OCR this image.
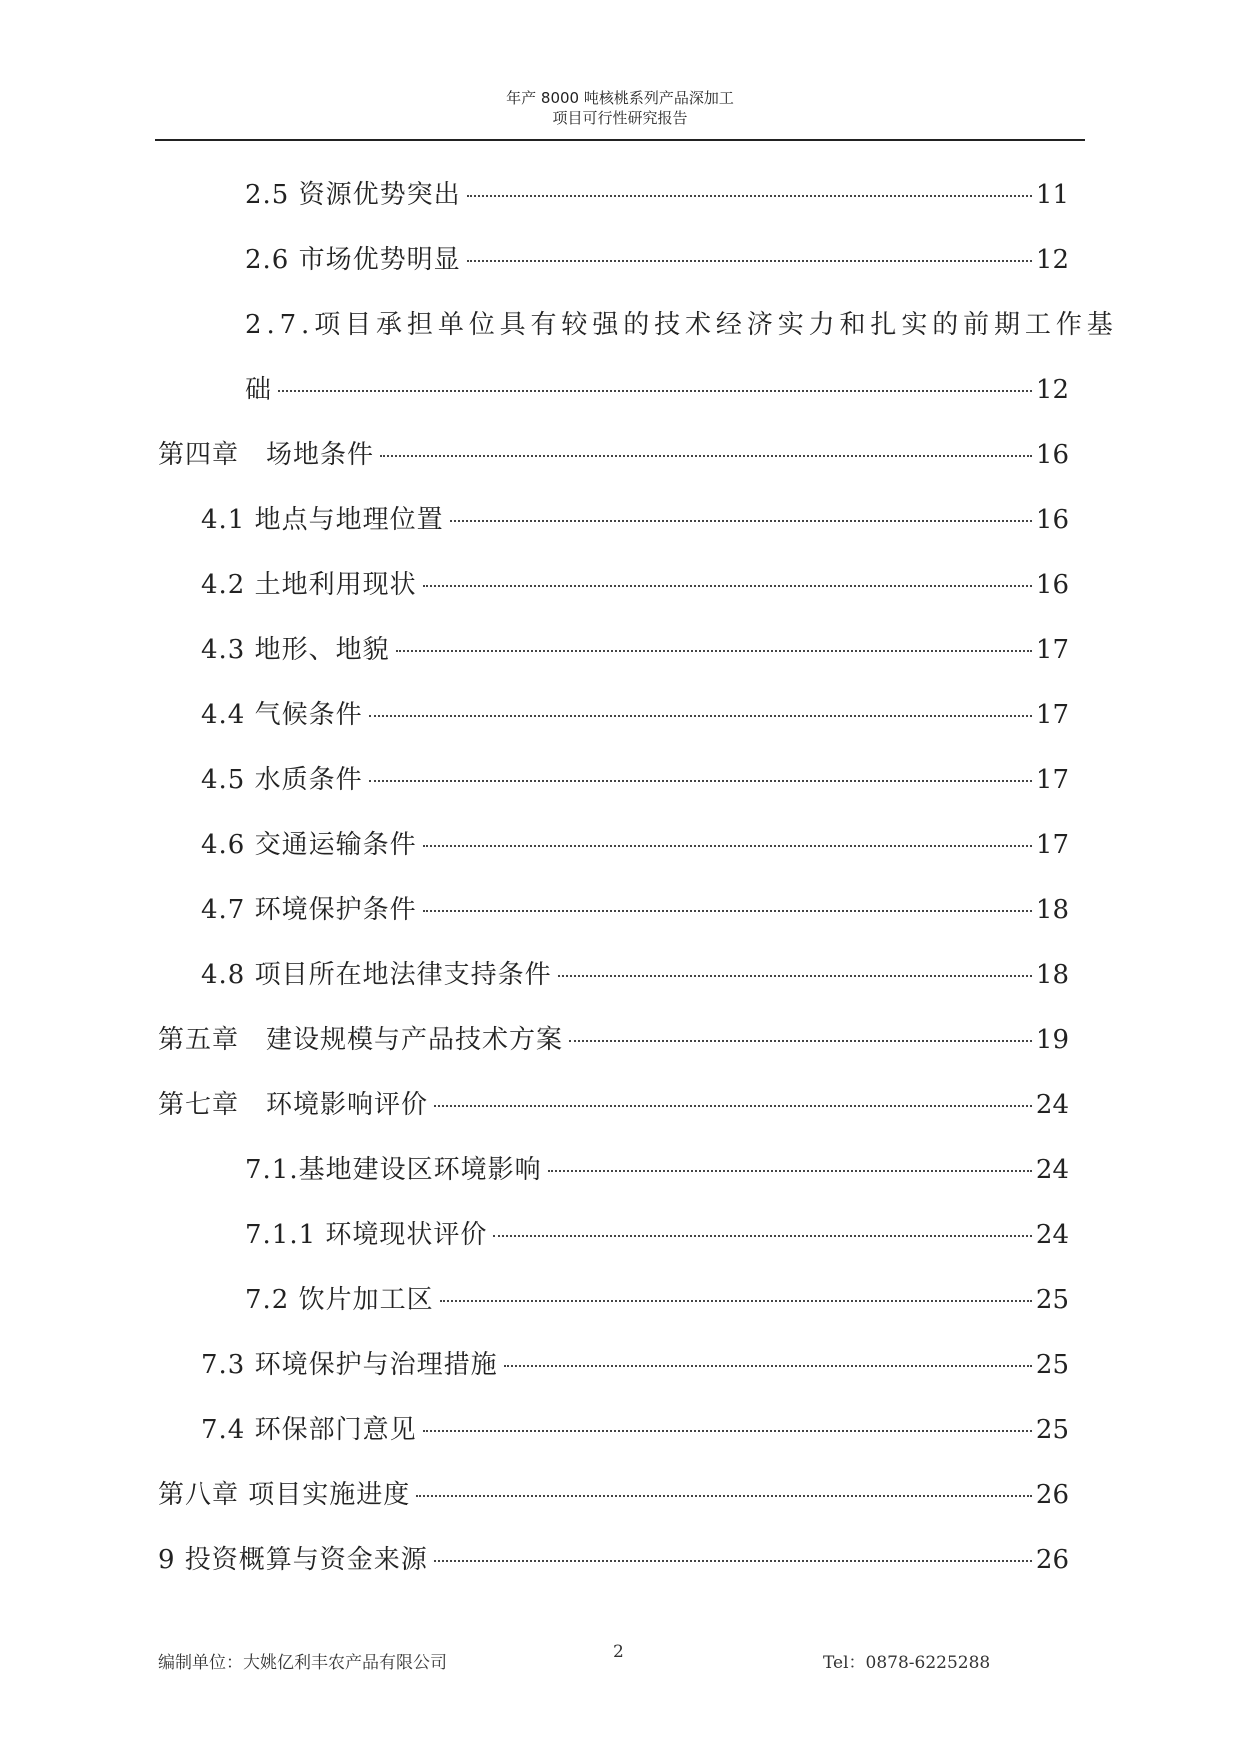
年产 8000 吨核桃系列产品深加工
项目可行性研究报告
2.5 资源优势突出	11
2.6 市场优势明显	12
2.7.项目承担单位具有较强的技术经济实力和扎实的前期工作基
础	12
第四章　场地条件	16
4.1 地点与地理位置	16
4.2 土地利用现状	16
4.3 地形、地貌	17
4.4 气候条件	17
4.5 水质条件	17
4.6 交通运输条件	17
4.7 环境保护条件	18
4.8 项目所在地法律支持条件	18
第五章　建设规模与产品技术方案	19
第七章　环境影响评价	24
7.1.基地建设区环境影响	24
7.1.1 环境现状评价	24
7.2 饮片加工区	25
7.3 环境保护与治理措施	25
7.4 环保部门意见	25
第八章 项目实施进度	26
9 投资概算与资金来源	26
编制单位：大姚亿利丰农产品有限公司
2
Tel：0878-6225288
